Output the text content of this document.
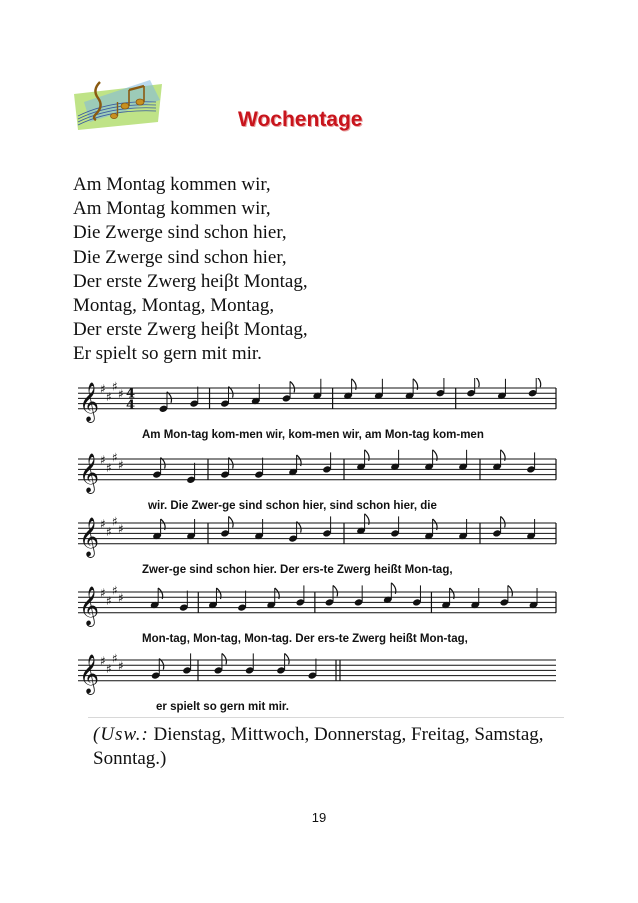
Wochentage
Am Montag kommen wir,
Am Montag kommen wir,
Die Zwerge sind schon hier,
Die Zwerge sind schon hier,
Der erste Zwerg heiβt Montag,
Montag, Montag, Montag,
Der erste Zwerg heiβt Montag,
Er spielt so gern mit mir.
𝄞 ♯
♯
♯
♯ 4
4
Am Mon-tag kom-men wir, kom-men wir, am Mon-tag kom-men
𝄞 ♯
♯
♯
♯
wir. Die Zwer-ge sind schon hier, sind schon hier, die
𝄞 ♯
♯
♯
♯
Zwer-ge sind schon hier. Der ers-te Zwerg heißt Mon-tag,
𝄞 ♯
♯
♯
♯
Mon-tag, Mon-tag, Mon-tag. Der ers-te Zwerg heißt Mon-tag,
𝄞 ♯
♯
♯
♯
er spielt so gern mit mir.
(Usw.: Dienstag, Mittwoch, Donnerstag, Freitag, Samstag, Sonntag.)
19
